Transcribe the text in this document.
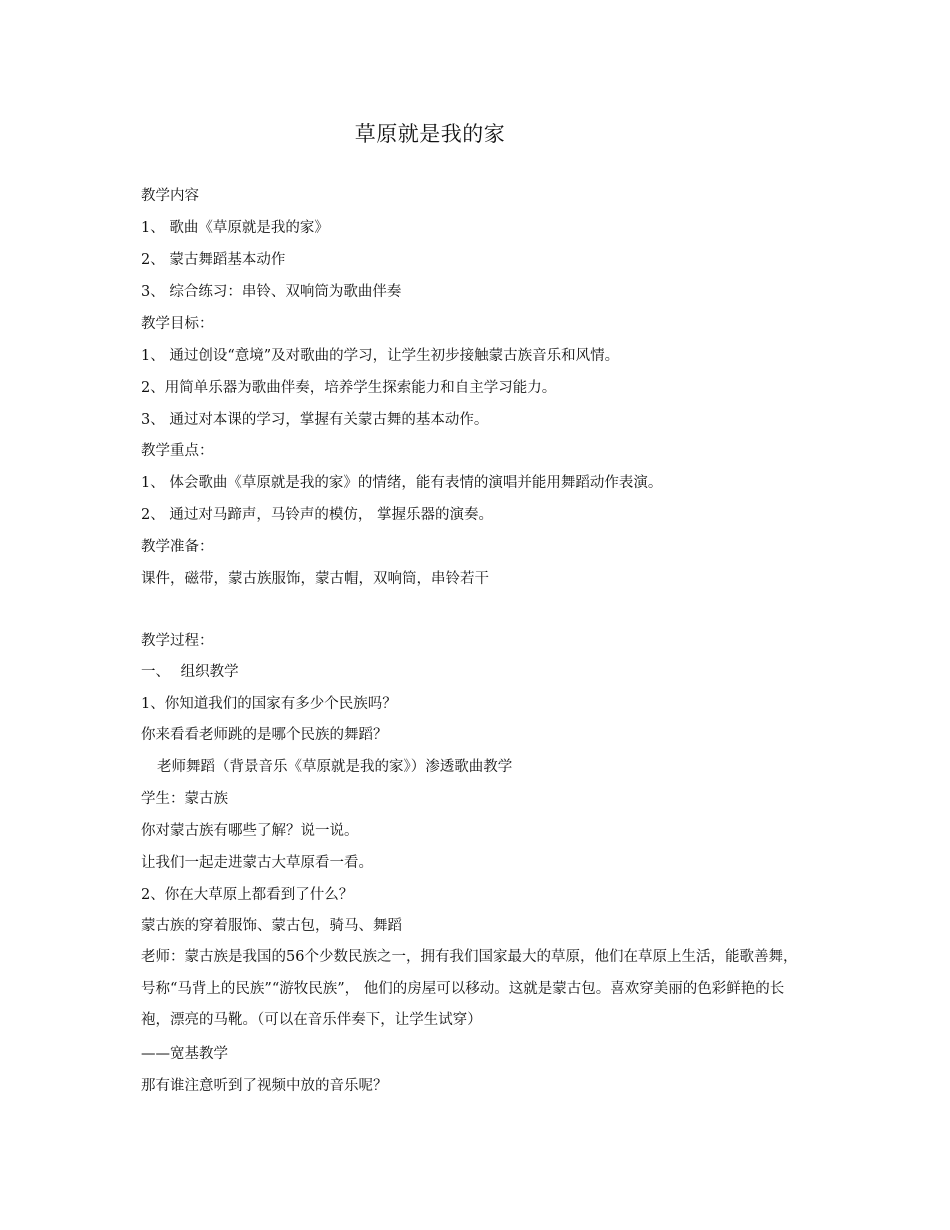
草原就是我的家
教学内容
1、 歌曲《草原就是我的家》
2、 蒙古舞蹈基本动作
3、 综合练习：串铃、双响筒为歌曲伴奏
教学目标：
1、 通过创设“意境”及对歌曲的学习，让学生初步接触蒙古族音乐和风情。
2、用简单乐器为歌曲伴奏，培养学生探索能力和自主学习能力。
3、 通过对本课的学习，掌握有关蒙古舞的基本动作。
教学重点：
1、 体会歌曲《草原就是我的家》的情绪，能有表情的演唱并能用舞蹈动作表演。
2、 通过对马蹄声，马铃声的模仿， 掌握乐器的演奏。
教学准备：
课件，磁带，蒙古族服饰，蒙古帽，双响筒，串铃若干
教学过程：
一、 组织教学
1、你知道我们的国家有多少个民族吗？
你来看看老师跳的是哪个民族的舞蹈？
老师舞蹈（背景音乐《草原就是我的家》）渗透歌曲教学
学生：蒙古族
你对蒙古族有哪些了解？说一说。
让我们一起走进蒙古大草原看一看。
2、你在大草原上都看到了什么？
蒙古族的穿着服饰、蒙古包，骑马、舞蹈
老师：蒙古族是我国的56个少数民族之一，拥有我们国家最大的草原，他们在草原上生活，能歌善舞，号称“马背上的民族”“游牧民族”， 他们的房屋可以移动。这就是蒙古包。喜欢穿美丽的色彩鲜艳的长袍，漂亮的马靴。（可以在音乐伴奏下，让学生试穿）
——宽基教学
那有谁注意听到了视频中放的音乐呢？
